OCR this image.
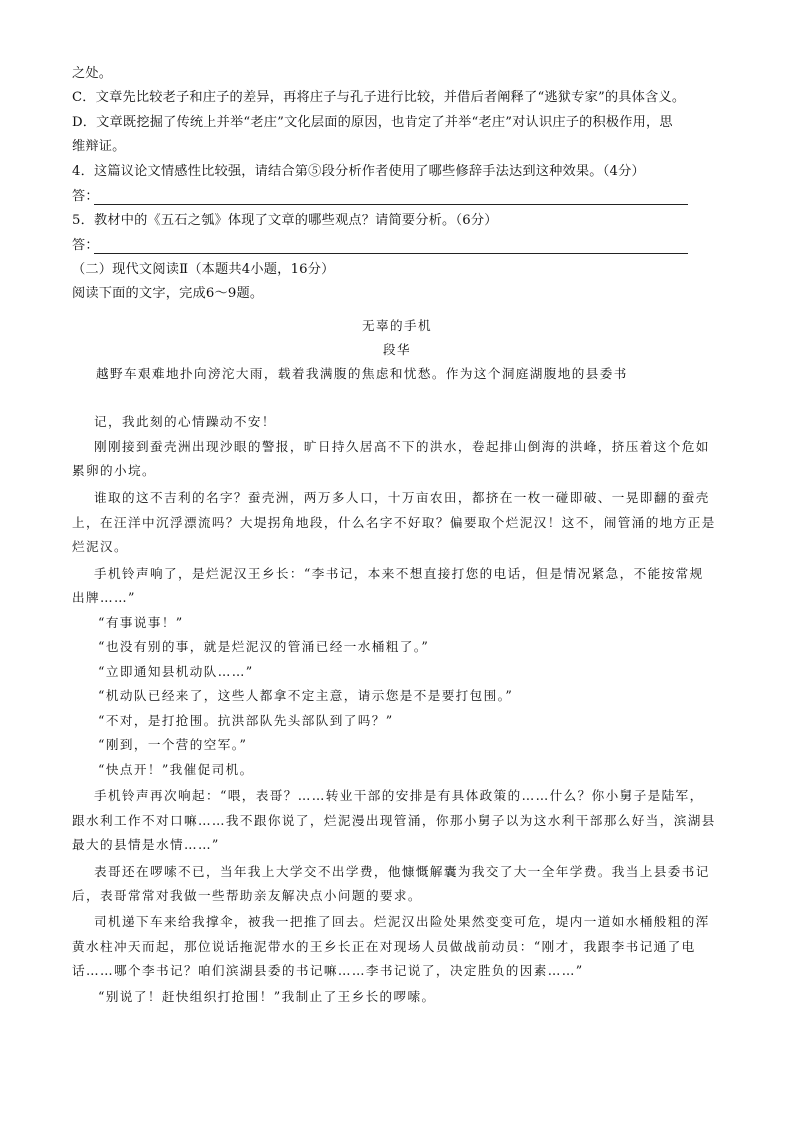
之处。
C．文章先比较老子和庄子的差异，再将庄子与孔子进行比较，并借后者阐释了“逃狱专家”的具体含义。
D．文章既挖掘了传统上并举“老庄”文化层面的原因，也肯定了并举“老庄”对认识庄子的积极作用，思
维辩证。
4．这篇议论文情感性比较强，请结合第⑤段分析作者使用了哪些修辞手法达到这种效果。（4分）
答：
5．教材中的《五石之瓠》体现了文章的哪些观点？请简要分析。（6分）
答：
（二）现代文阅读Ⅱ（本题共4小题，16分）
阅读下面的文字，完成6～9题。
无辜的手机
段华
越野车艰难地扑向滂沱大雨，载着我满腹的焦虑和忧愁。作为这个洞庭湖腹地的县委书
记，我此刻的心情躁动不安！
刚刚接到蚕壳洲出现沙眼的警报，旷日持久居高不下的洪水，卷起排山倒海的洪峰，挤压着这个危如
累卵的小垸。
谁取的这不吉利的名字？蚕壳洲，两万多人口，十万亩农田，都挤在一枚一碰即破、一晃即翻的蚕壳
上，在汪洋中沉浮漂流吗？大堤拐角地段，什么名字不好取？偏要取个烂泥汉！这不，闹管涌的地方正是
烂泥汉。
手机铃声响了，是烂泥汉王乡长：“李书记，本来不想直接打您的电话，但是情况紧急，不能按常规
出牌……”
“有事说事！”
“也没有别的事，就是烂泥汉的管涌已经一水桶粗了。”
“立即通知县机动队……”
“机动队已经来了，这些人都拿不定主意，请示您是不是要打包围。”
“不对，是打抢围。抗洪部队先头部队到了吗？”
“刚到，一个营的空军。”
“快点开！”我催促司机。
手机铃声再次响起：“喂，表哥？……转业干部的安排是有具体政策的……什么？你小舅子是陆军，
跟水利工作不对口嘛……我不跟你说了，烂泥漫出现管涌，你那小舅子以为这水利干部那么好当，滨湖县
最大的县情是水情……”
表哥还在啰嗦不已，当年我上大学交不出学费，他慷慨解囊为我交了大一全年学费。我当上县委书记
后，表哥常常对我做一些帮助亲友解决点小问题的要求。
司机递下车来给我撑伞，被我一把推了回去。烂泥汉出险处果然变变可危，堤内一道如水桶般粗的浑
黄水柱冲天而起，那位说话拖泥带水的王乡长正在对现场人员做战前动员：“刚才，我跟李书记通了电
话……哪个李书记？咱们滨湖县委的书记嘛……李书记说了，决定胜负的因素……”
“别说了！赶快组织打抢围！”我制止了王乡长的啰嗦。
